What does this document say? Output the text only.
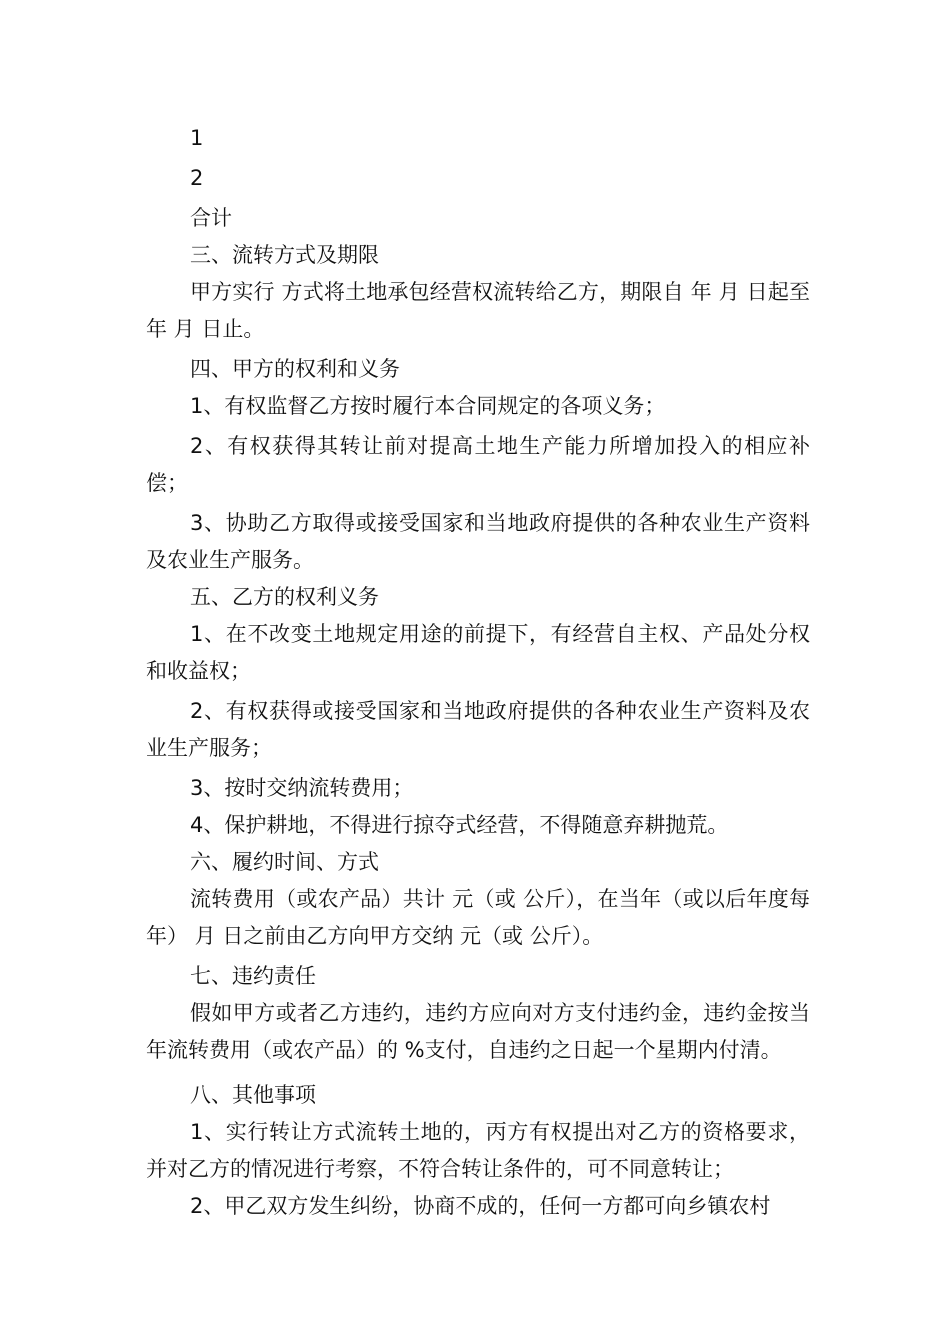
1

2

合计

三、流转方式及期限

甲方实行 方式将土地承包经营权流转给乙方，期限自 年 月 日起至 年 月 日止。

四、甲方的权利和义务

1、有权监督乙方按时履行本合同规定的各项义务；

2、有权获得其转让前对提高土地生产能力所增加投入的相应补偿；

3、协助乙方取得或接受国家和当地政府提供的各种农业生产资料及农业生产服务。

五、乙方的权利义务

1、在不改变土地规定用途的前提下，有经营自主权、产品处分权和收益权；

2、有权获得或接受国家和当地政府提供的各种农业生产资料及农业生产服务；

3、按时交纳流转费用；

4、保护耕地，不得进行掠夺式经营，不得随意弃耕抛荒。

六、履约时间、方式

流转费用（或农产品）共计 元（或 公斤），在当年（或以后年度每年） 月 日之前由乙方向甲方交纳 元（或 公斤）。

七、违约责任

假如甲方或者乙方违约，违约方应向对方支付违约金，违约金按当年流转费用（或农产品）的 %支付，自违约之日起一个星期内付清。

八、其他事项

1、实行转让方式流转土地的，丙方有权提出对乙方的资格要求，并对乙方的情况进行考察，不符合转让条件的，可不同意转让；

2、甲乙双方发生纠纷，协商不成的，任何一方都可向乡镇农村
